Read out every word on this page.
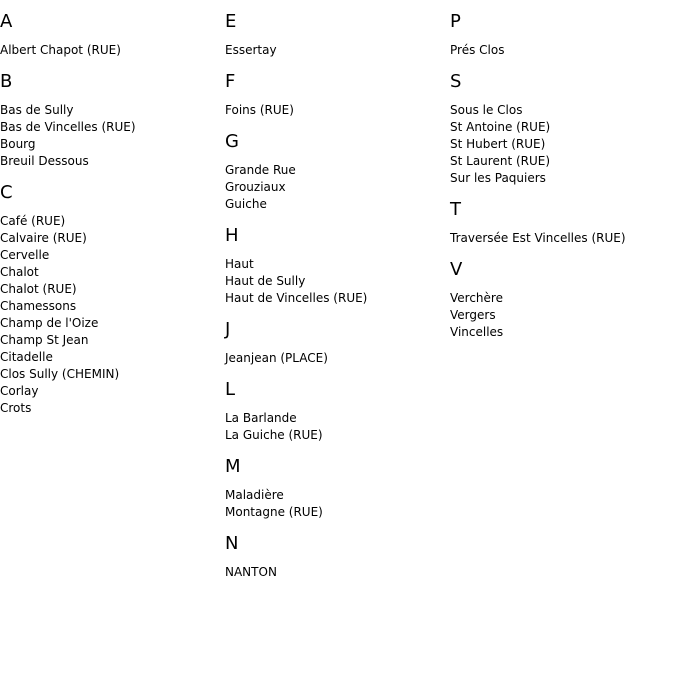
A
Albert Chapot (RUE)
B
Bas de Sully
Bas de Vincelles (RUE)
Bourg
Breuil Dessous
C
Café (RUE)
Calvaire (RUE)
Cervelle
Chalot
Chalot (RUE)
Chamessons
Champ de l'Oize
Champ St Jean
Citadelle
Clos Sully (CHEMIN)
Corlay
Crots
E
Essertay
F
Foins (RUE)
G
Grande Rue
Grouziaux
Guiche
H
Haut
Haut de Sully
Haut de Vincelles (RUE)
J
Jeanjean (PLACE)
L
La Barlande
La Guiche (RUE)
M
Maladière
Montagne (RUE)
N
NANTON
P
Prés Clos
S
Sous le Clos
St Antoine (RUE)
St Hubert (RUE)
St Laurent (RUE)
Sur les Paquiers
T
Traversée Est Vincelles (RUE)
V
Verchère
Vergers
Vincelles
